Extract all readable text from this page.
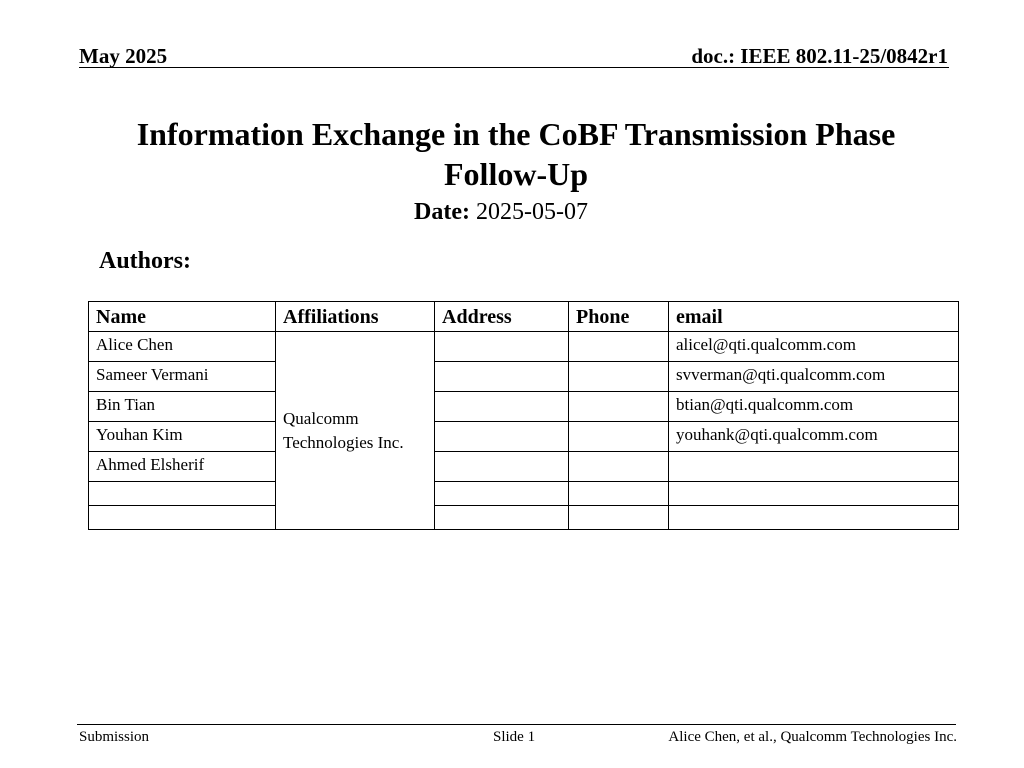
May 2025	doc.: IEEE 802.11-25/0842r1
Information Exchange in the CoBF Transmission Phase
Follow-Up
Date: 2025-05-07
Authors:
Name	Affiliations	Address	Phone	email
Alice Chen	Qualcomm Technologies Inc.			alicel@qti.qualcomm.com
Sameer Vermani				svverman@qti.qualcomm.com
Bin Tian				btian@qti.qualcomm.com
Youhan Kim				youhank@qti.qualcomm.com
Ahmed Elsherif				

Submission	Slide 1	Alice Chen, et al., Qualcomm Technologies Inc.
